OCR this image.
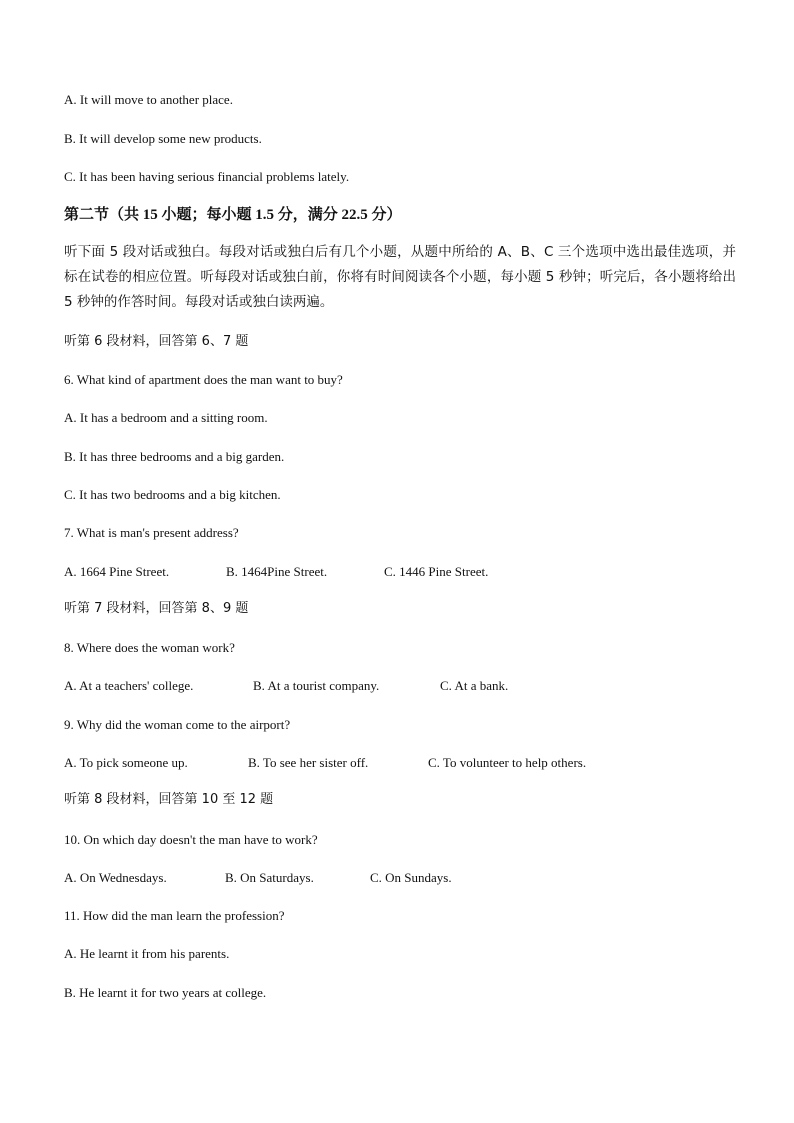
A. It will move to another place.
B. It will develop some new products.
C. It has been having serious financial problems lately.
第二节（共 15 小题；每小题 1.5 分，满分 22.5 分）
听下面 5 段对话或独白。每段对话或独白后有几个小题，从题中所给的 A、B、C 三个选项中选出最佳选项，并标在试卷的相应位置。听每段对话或独白前，你将有时间阅读各个小题，每小题 5 秒钟；听完后，各小题将给出 5 秒钟的作答时间。每段对话或独白读两遍。
听第 6 段材料，回答第 6、7 题
6. What kind of apartment does the man want to buy?
A. It has a bedroom and a sitting room.
B. It has three bedrooms and a big garden.
C. It has two bedrooms and a big kitchen.
7. What is man's present address?
A. 1664 Pine Street.	B. 1464Pine Street.	C. 1446 Pine Street.
听第 7 段材料，回答第 8、9 题
8. Where does the woman work?
A. At a teachers' college.	B. At a tourist company.	C. At a bank.
9. Why did the woman come to the airport?
A. To pick someone up.	B. To see her sister off.	C. To volunteer to help others.
听第 8 段材料，回答第 10 至 12 题
10. On which day doesn't the man have to work?
A. On Wednesdays.	B. On Saturdays.	C. On Sundays.
11. How did the man learn the profession?
A. He learnt it from his parents.
B. He learnt it for two years at college.
